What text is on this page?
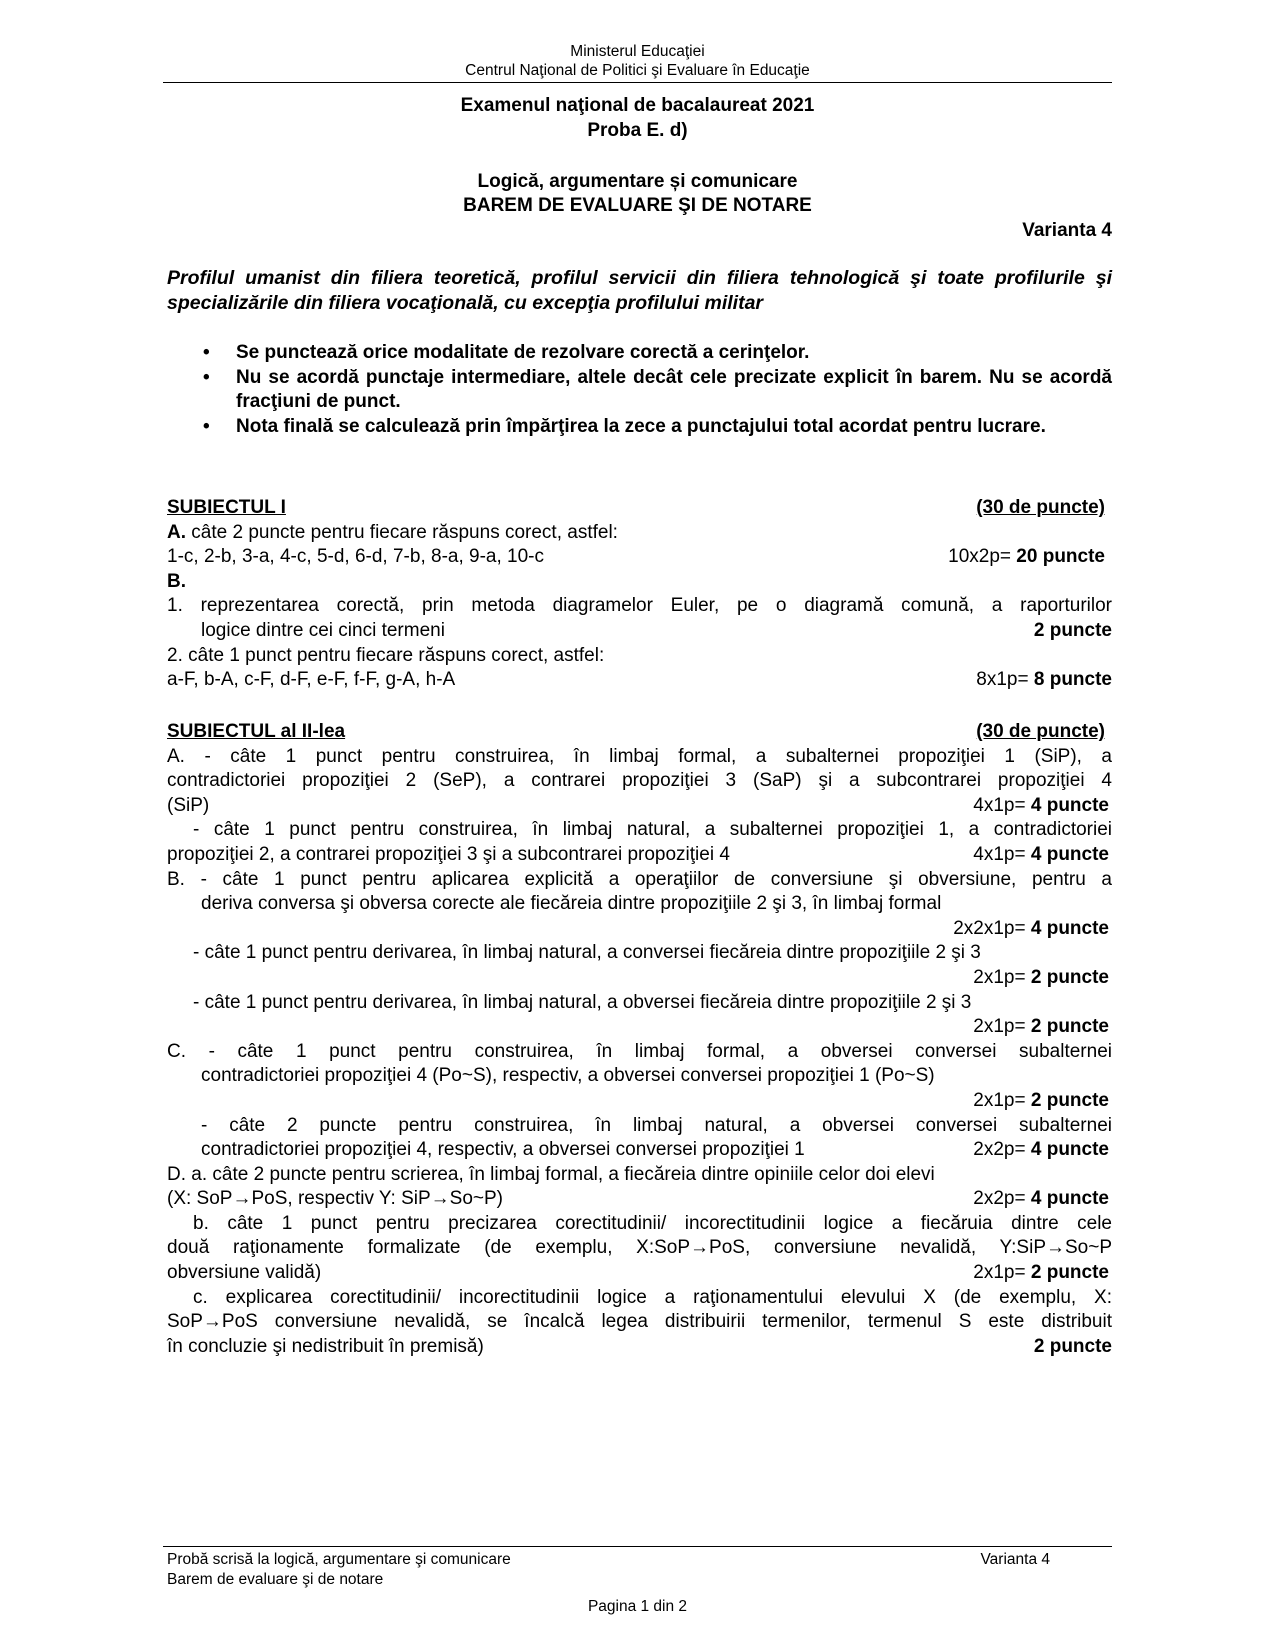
Ministerul Educaţiei
Centrul Naţional de Politici şi Evaluare în Educaţie
Examenul naţional de bacalaureat 2021
Proba E. d)
Logică, argumentare și comunicare
BAREM DE EVALUARE ŞI DE NOTARE
Varianta 4
Profilul umanist din filiera teoretică, profilul servicii din filiera tehnologică şi toate profilurile şi specializările din filiera vocaţională, cu excepţia profilului militar
• Se punctează orice modalitate de rezolvare corectă a cerinţelor.
• Nu se acordă punctaje intermediare, altele decât cele precizate explicit în barem. Nu se acordă fracţiuni de punct.
• Nota finală se calculează prin împărţirea la zece a punctajului total acordat pentru lucrare.
SUBIECTUL I	(30 de puncte)
A. câte 2 puncte pentru fiecare răspuns corect, astfel:
1-c, 2-b, 3-a, 4-c, 5-d, 6-d, 7-b, 8-a, 9-a, 10-c	10x2p= 20 puncte
B.
1. reprezentarea corectă, prin metoda diagramelor Euler, pe o diagramă comună, a raporturilor
logice dintre cei cinci termeni	2 puncte
2. câte 1 punct pentru fiecare răspuns corect, astfel:
a-F, b-A, c-F, d-F, e-F, f-F, g-A, h-A	8x1p= 8 puncte
SUBIECTUL al II-lea	(30 de puncte)
A. - câte 1 punct pentru construirea, în limbaj formal, a subalternei propoziţiei 1 (SiP), a
contradictoriei propoziţiei 2 (SeP), a contrarei propoziţiei 3 (SaP) şi a subcontrarei propoziţiei 4
(SiP)	4x1p= 4 puncte
- câte 1 punct pentru construirea, în limbaj natural, a subalternei propoziţiei 1, a contradictoriei
propoziţiei 2, a contrarei propoziţiei 3 şi a subcontrarei propoziţiei 4	4x1p= 4 puncte
B. - câte 1 punct pentru aplicarea explicită a operaţiilor de conversiune şi obversiune, pentru a
deriva conversa şi obversa corecte ale fiecăreia dintre propoziţiile 2 şi 3, în limbaj formal
2x2x1p= 4 puncte
- câte 1 punct pentru derivarea, în limbaj natural, a conversei fiecăreia dintre propoziţiile 2 şi 3
2x1p= 2 puncte
- câte 1 punct pentru derivarea, în limbaj natural, a obversei fiecăreia dintre propoziţiile 2 şi 3
2x1p= 2 puncte
C. - câte 1 punct pentru construirea, în limbaj formal, a obversei conversei subalternei
contradictoriei propoziţiei 4 (Po~S), respectiv, a obversei conversei propoziţiei 1 (Po~S)
2x1p= 2 puncte
- câte 2 puncte pentru construirea, în limbaj natural, a obversei conversei subalternei
contradictoriei propoziţiei 4, respectiv, a obversei conversei propoziţiei 1	2x2p= 4 puncte
D. a. câte 2 puncte pentru scrierea, în limbaj formal, a fiecăreia dintre opiniile celor doi elevi
(X: SoP→PoS, respectiv Y: SiP→So~P)	2x2p= 4 puncte
b. câte 1 punct pentru precizarea corectitudinii/ incorectitudinii logice a fiecăruia dintre cele
două raţionamente formalizate (de exemplu, X:SoP→PoS, conversiune nevalidă, Y:SiP→So~P
obversiune validă)	2x1p= 2 puncte
c. explicarea corectitudinii/ incorectitudinii logice a raţionamentului elevului X (de exemplu, X:
SoP→PoS conversiune nevalidă, se încalcă legea distribuirii termenilor, termenul S este distribuit
în concluzie şi nedistribuit în premisă)	2 puncte
Probă scrisă la logică, argumentare şi comunicare
Barem de evaluare şi de notare
Varianta 4
Pagina 1 din 2
